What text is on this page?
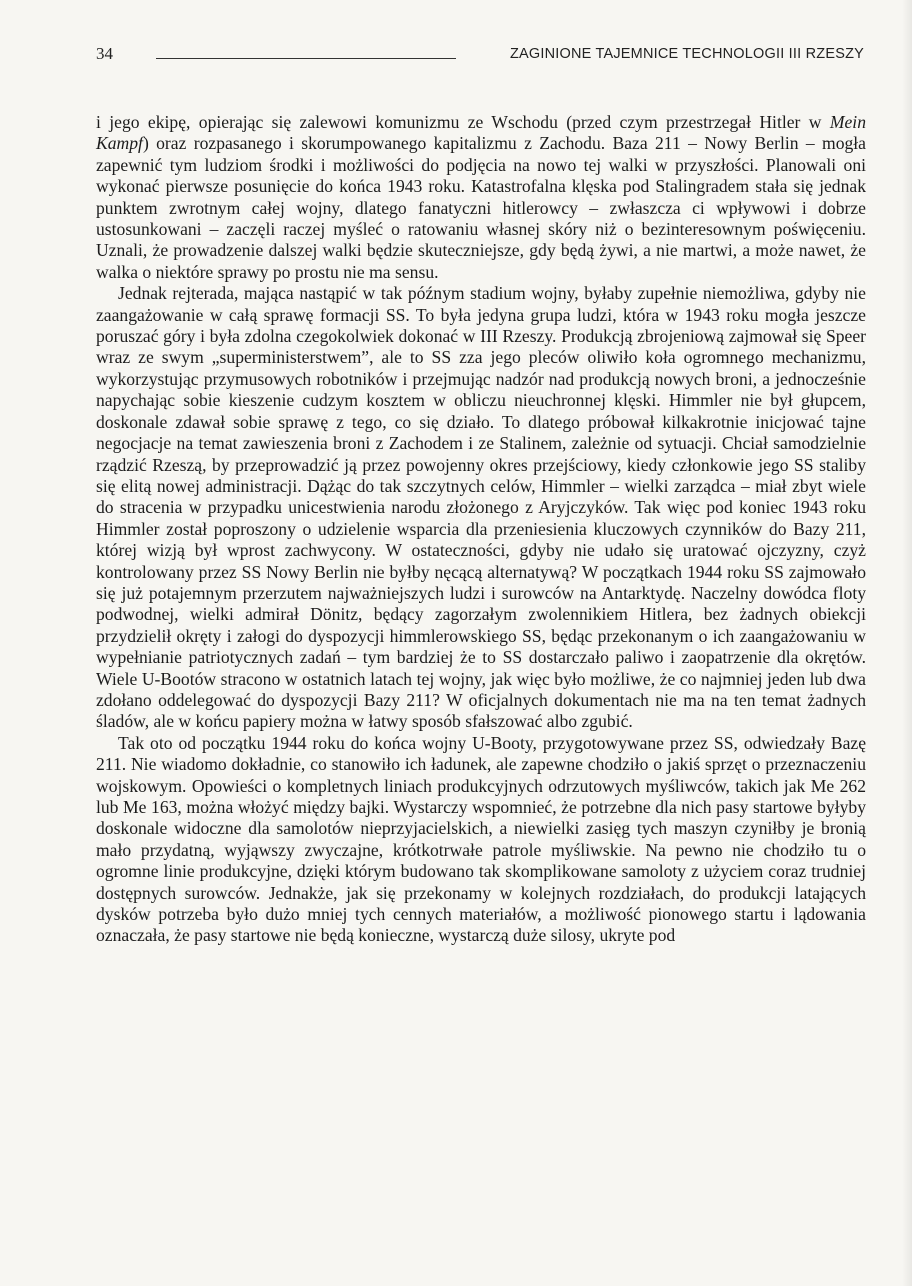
34	ZAGINIONE TAJEMNICE TECHNOLOGII III RZESZY

i jego ekipę, opierając się zalewowi komunizmu ze Wschodu (przed czym przestrzegał Hitler w Mein Kampf) oraz rozpasanego i skorumpowanego kapitalizmu z Zachodu. Baza 211 – Nowy Berlin – mogła zapewnić tym ludziom środki i możliwości do podjęcia na nowo tej walki w przyszłości. Planowali oni wykonać pierwsze posunięcie do końca 1943 roku. Katastrofalna klęska pod Stalingradem stała się jednak punktem zwrotnym całej wojny, dlatego fanatyczni hitlerowcy – zwłaszcza ci wpływowi i dobrze ustosunkowani – zaczęli raczej myśleć o ratowaniu własnej skóry niż o bezinteresownym poświęceniu. Uznali, że prowadzenie dalszej walki będzie skuteczniejsze, gdy będą żywi, a nie martwi, a może nawet, że walka o niektóre sprawy po prostu nie ma sensu.

Jednak rejterada, mająca nastąpić w tak późnym stadium wojny, byłaby zupełnie niemożliwa, gdyby nie zaangażowanie w całą sprawę formacji SS. To była jedyna grupa ludzi, która w 1943 roku mogła jeszcze poruszać góry i była zdolna czegokolwiek dokonać w III Rzeszy. Produkcją zbrojeniową zajmował się Speer wraz ze swym „superministerstwem”, ale to SS zza jego pleców oliwiło koła ogromnego mechanizmu, wykorzystując przymusowych robotników i przejmując nadzór nad produkcją nowych broni, a jednocześnie napychając sobie kieszenie cudzym kosztem w obliczu nieuchronnej klęski. Himmler nie był głupcem, doskonale zdawał sobie sprawę z tego, co się działo. To dlatego próbował kilkakrotnie inicjować tajne negocjacje na temat zawieszenia broni z Zachodem i ze Stalinem, zależnie od sytuacji. Chciał samodzielnie rządzić Rzeszą, by przeprowadzić ją przez powojenny okres przejściowy, kiedy członkowie jego SS staliby się elitą nowej administracji. Dążąc do tak szczytnych celów, Himmler – wielki zarządca – miał zbyt wiele do stracenia w przypadku unicestwienia narodu złożonego z Aryjczyków. Tak więc pod koniec 1943 roku Himmler został poproszony o udzielenie wsparcia dla przeniesienia kluczowych czynników do Bazy 211, której wizją był wprost zachwycony. W ostateczności, gdyby nie udało się uratować ojczyzny, czyż kontrolowany przez SS Nowy Berlin nie byłby nęcącą alternatywą? W początkach 1944 roku SS zajmowało się już potajemnym przerzutem najważniejszych ludzi i surowców na Antarktydę. Naczelny dowódca floty podwodnej, wielki admirał Dönitz, będący zagorzałym zwolennikiem Hitlera, bez żadnych obiekcji przydzielił okręty i załogi do dyspozycji himmlerowskiego SS, będąc przekonanym o ich zaangażowaniu w wypełnianie patriotycznych zadań – tym bardziej że to SS dostarczało paliwo i zaopatrzenie dla okrętów. Wiele U-Bootów stracono w ostatnich latach tej wojny, jak więc było możliwe, że co najmniej jeden lub dwa zdołano oddelegować do dyspozycji Bazy 211? W oficjalnych dokumentach nie ma na ten temat żadnych śladów, ale w końcu papiery można w łatwy sposób sfałszować albo zgubić.

Tak oto od początku 1944 roku do końca wojny U-Booty, przygotowywane przez SS, odwiedzały Bazę 211. Nie wiadomo dokładnie, co stanowiło ich ładunek, ale zapewne chodziło o jakiś sprzęt o przeznaczeniu wojskowym. Opowieści o kompletnych liniach produkcyjnych odrzutowych myśliwców, takich jak Me 262 lub Me 163, można włożyć między bajki. Wystarczy wspomnieć, że potrzebne dla nich pasy startowe byłyby doskonale widoczne dla samolotów nieprzyjacielskich, a niewielki zasięg tych maszyn czyniłby je bronią mało przydatną, wyjąwszy zwyczajne, krótkotrwałe patrole myśliwskie. Na pewno nie chodziło tu o ogromne linie produkcyjne, dzięki którym budowano tak skomplikowane samoloty z użyciem coraz trudniej dostępnych surowców. Jednakże, jak się przekonamy w kolejnych rozdziałach, do produkcji latających dysków potrzeba było dużo mniej tych cennych materiałów, a możliwość pionowego startu i lądowania oznaczała, że pasy startowe nie będą konieczne, wystarczą duże silosy, ukryte pod
